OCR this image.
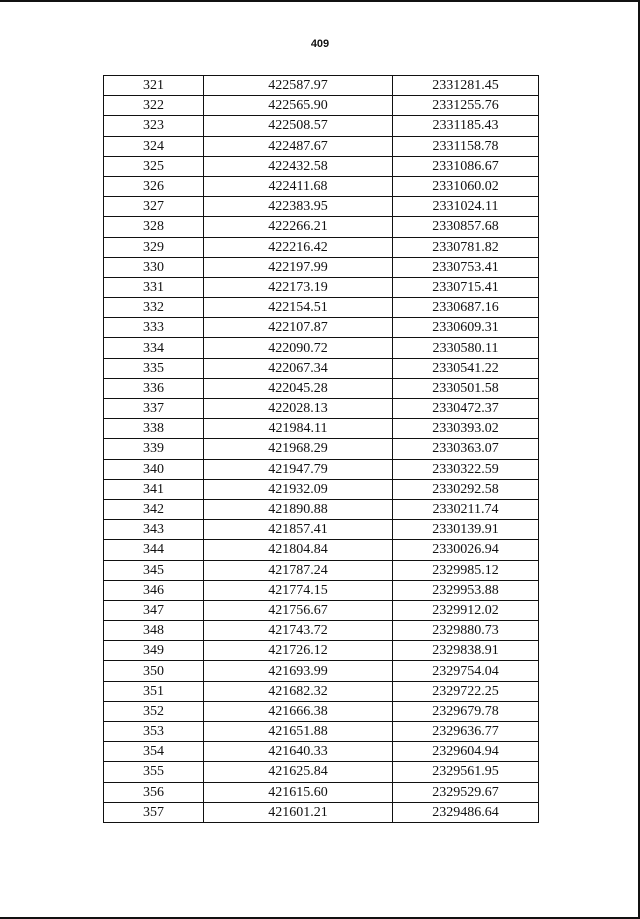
409
321	422587.97	2331281.45
322	422565.90	2331255.76
323	422508.57	2331185.43
324	422487.67	2331158.78
325	422432.58	2331086.67
326	422411.68	2331060.02
327	422383.95	2331024.11
328	422266.21	2330857.68
329	422216.42	2330781.82
330	422197.99	2330753.41
331	422173.19	2330715.41
332	422154.51	2330687.16
333	422107.87	2330609.31
334	422090.72	2330580.11
335	422067.34	2330541.22
336	422045.28	2330501.58
337	422028.13	2330472.37
338	421984.11	2330393.02
339	421968.29	2330363.07
340	421947.79	2330322.59
341	421932.09	2330292.58
342	421890.88	2330211.74
343	421857.41	2330139.91
344	421804.84	2330026.94
345	421787.24	2329985.12
346	421774.15	2329953.88
347	421756.67	2329912.02
348	421743.72	2329880.73
349	421726.12	2329838.91
350	421693.99	2329754.04
351	421682.32	2329722.25
352	421666.38	2329679.78
353	421651.88	2329636.77
354	421640.33	2329604.94
355	421625.84	2329561.95
356	421615.60	2329529.67
357	421601.21	2329486.64
